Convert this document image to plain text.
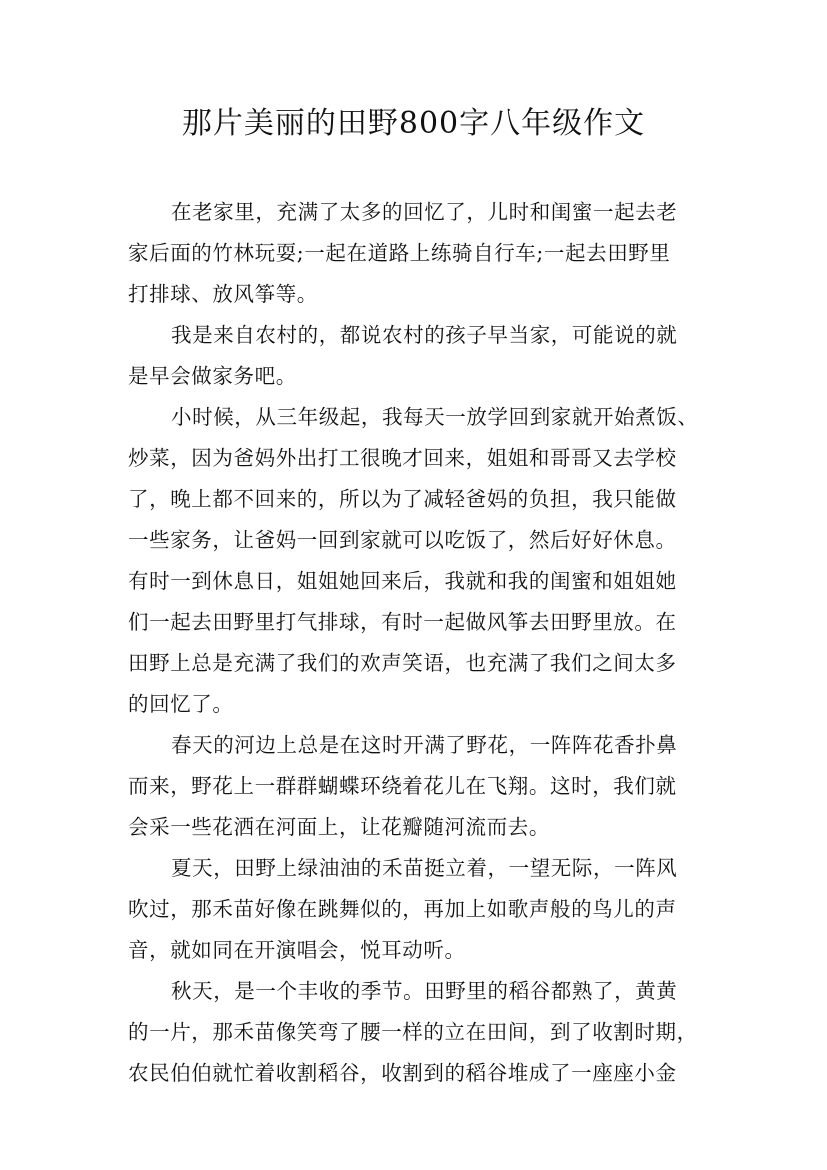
那片美丽的田野800字八年级作文
在老家里，充满了太多的回忆了，儿时和闺蜜一起去老
家后面的竹林玩耍;一起在道路上练骑自行车;一起去田野里
打排球、放风筝等。
我是来自农村的，都说农村的孩子早当家，可能说的就
是早会做家务吧。
小时候，从三年级起，我每天一放学回到家就开始煮饭、
炒菜，因为爸妈外出打工很晚才回来，姐姐和哥哥又去学校
了，晚上都不回来的，所以为了减轻爸妈的负担，我只能做
一些家务，让爸妈一回到家就可以吃饭了，然后好好休息。
有时一到休息日，姐姐她回来后，我就和我的闺蜜和姐姐她
们一起去田野里打气排球，有时一起做风筝去田野里放。在
田野上总是充满了我们的欢声笑语，也充满了我们之间太多
的回忆了。
春天的河边上总是在这时开满了野花，一阵阵花香扑鼻
而来，野花上一群群蝴蝶环绕着花儿在飞翔。这时，我们就
会采一些花洒在河面上，让花瓣随河流而去。
夏天，田野上绿油油的禾苗挺立着，一望无际，一阵风
吹过，那禾苗好像在跳舞似的，再加上如歌声般的鸟儿的声
音，就如同在开演唱会，悦耳动听。
秋天，是一个丰收的季节。田野里的稻谷都熟了，黄黄
的一片，那禾苗像笑弯了腰一样的立在田间，到了收割时期，
农民伯伯就忙着收割稻谷，收割到的稻谷堆成了一座座小金
